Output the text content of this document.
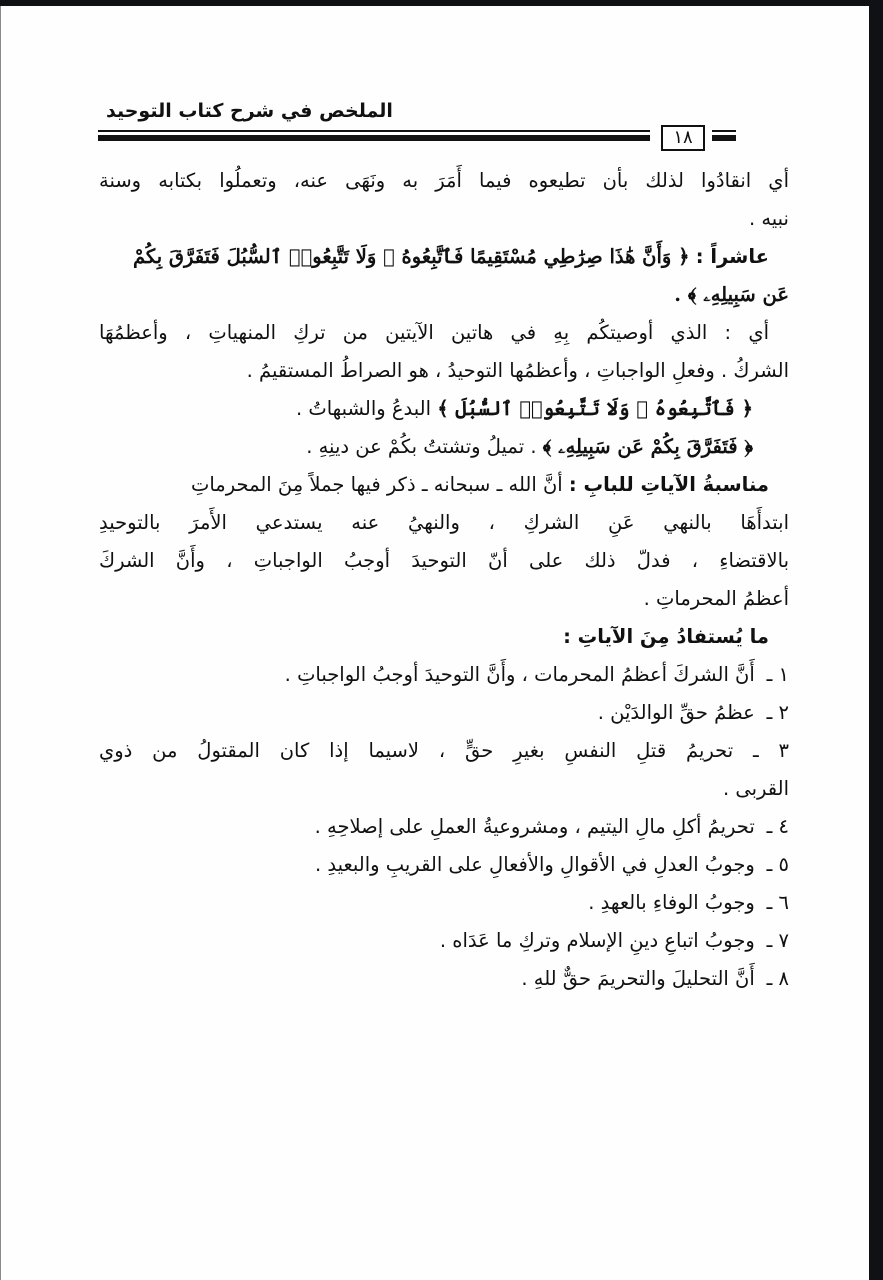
الملخص في شرح كتاب التوحيد
١٨
أي انقادُوا لذلك بأن تطيعوه فيما أَمَرَ به ونَهَى عنه، وتعملُوا بكتابه وسنة
نبيه .
عاشراً : ﴿ وَأَنَّ هَٰذَا صِرَٰطِي مُسْتَقِيمًا فَٱتَّبِعُوهُ ۖ وَلَا تَتَّبِعُوا۟ ٱلسُّبُلَ فَتَفَرَّقَ بِكُمْ
عَن سَبِيلِهِۦ ﴾ .
أي : الذي أوصيتكُم بِهِ في هاتين الآيتين من تركِ المنهياتِ ، وأعظمُهَا
الشركُ . وفعلِ الواجباتِ ، وأعظمُها التوحيدُ ، هو الصراطُ المستقيمُ .
﴿ فَٱتَّبِعُوهُ ۖ وَلَا تَتَّبِعُوا۟ ٱلسُّبُلَ ﴾ البدعُ والشبهاتُ .
﴿ فَتَفَرَّقَ بِكُمْ عَن سَبِيلِهِۦ ﴾ . تميلُ وتشتتُ بكُمْ عن دينِهِ .
مناسبةُ الآياتِ للبابِ : أنَّ الله ـ سبحانه ـ ذكر فيها جملاً مِنَ المحرماتِ
ابتدأَهَا بالنهي عَنِ الشركِ ، والنهيُ عنه يستدعي الأَمرَ بالتوحيدِ
بالاقتضاءِ ، فدلّ ذلك على أنّ التوحيدَ أوجبُ الواجباتِ ، وأَنَّ الشركَ
أعظمُ المحرماتِ .
ما يُستفادُ مِنَ الآياتِ :
١ ـ أَنَّ الشركَ أعظمُ المحرمات ، وأَنَّ التوحيدَ أوجبُ الواجباتِ .
٢ ـ عظمُ حقِّ الوالدَيْن .
٣ ـ تحريمُ قتلِ النفسِ بغيرِ حقٍّ ، لاسيما إذا كان المقتولُ من ذوي
القربى .
٤ ـ تحريمُ أكلِ مالِ اليتيم ، ومشروعيةُ العملِ على إصلاحِهِ .
٥ ـ وجوبُ العدلِ في الأقوالِ والأفعالِ على القريبِ والبعيدِ .
٦ ـ وجوبُ الوفاءِ بالعهدِ .
٧ ـ وجوبُ اتباعِ دينِ الإسلام وتركِ ما عَدَاه .
٨ ـ أَنَّ التحليلَ والتحريمَ حقٌّ للهِ .
